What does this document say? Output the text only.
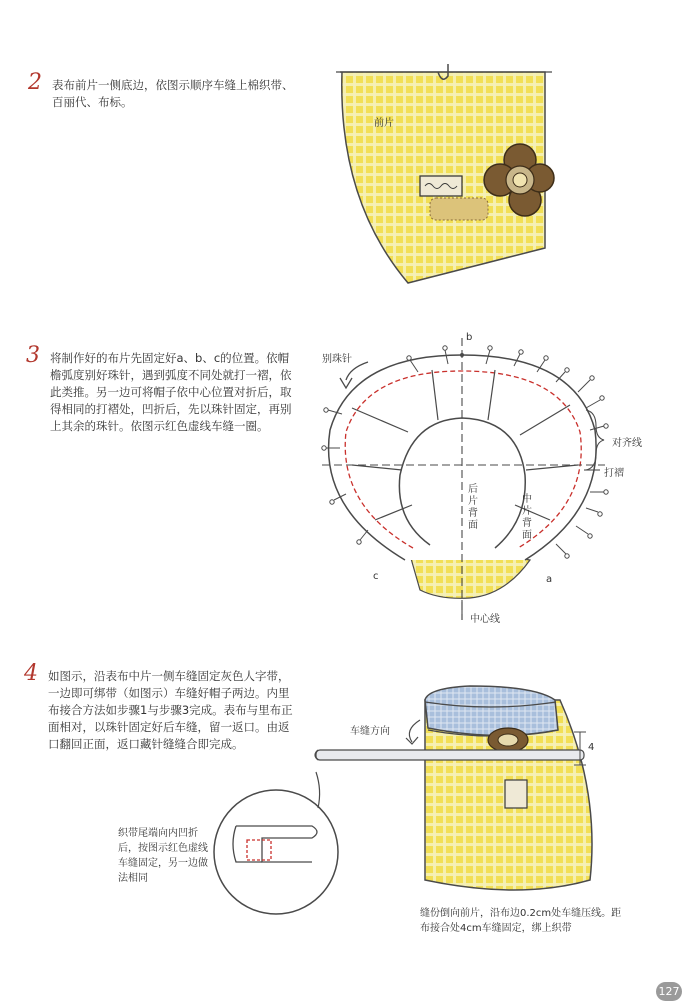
2 表布前片一侧底边，依图示顺序车缝上棉织带、百丽代、布标。
3 将制作好的布片先固定好a、b、c的位置。依帽檐弧度别好珠针，遇到弧度不同处就打一褶，依此类推。另一边可将帽子依中心位置对折后，取得相同的打褶处，凹折后，先以珠针固定，再别上其余的珠针。依图示红色虚线车缝一圈。
4 如图示，沿表布中片一侧车缝固定灰色人字带，一边即可绑带（如图示）车缝好帽子两边。内里布接合方法如步骤1与步骤3完成。表布与里布正面相对，以珠针固定好后车缝，留一返口。由返口翻回正面，返口藏针缝缝合即完成。
前片
b
a
c
别珠针
对齐线
打褶
后片背面
中片背面
中心线
车缝方向
4
织带尾端向内凹折后，按图示红色虚线车缝固定，另一边做法相同
缝份倒向前片，沿布边0.2cm处车缝压线。距布接合处4cm车缝固定，绑上织带
127
